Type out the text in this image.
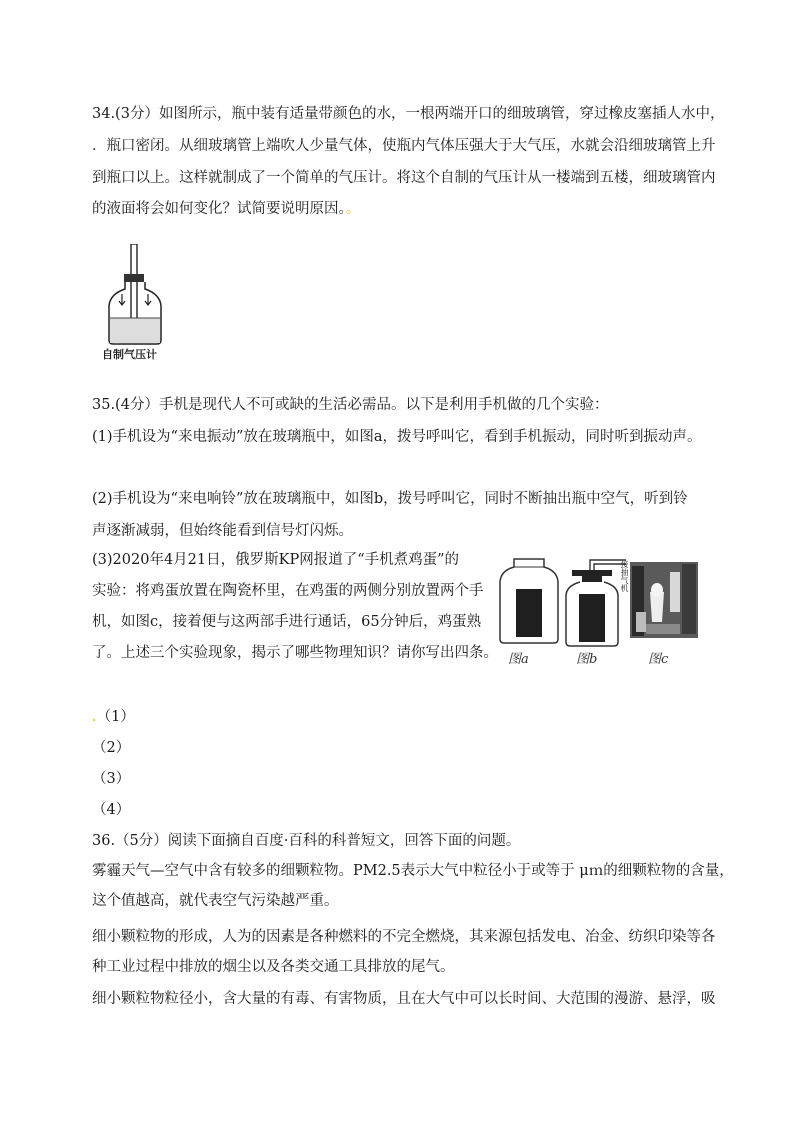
34.(3分）如图所示，瓶中装有适量带颜色的水，一根两端开口的细玻璃管，穿过橡皮塞插人水中，
．瓶口密闭。从细玻璃管上端吹人少量气体，使瓶内气体压强大于大气压，水就会沿细玻璃管上升
到瓶口以上。这样就制成了一个简单的气压计。将这个自制的气压计从一楼端到五楼，细玻璃管内
的液面将会如何变化？试简要说明原因。。
自制气压计
35.(4分）手机是现代人不可或缺的生活必需品。以下是利用手机做的几个实验：
(1)手机设为“来电振动”放在玻璃瓶中，如图a，拨号呼叫它，看到手机振动，同时听到振动声。
(2)手机设为“来电响铃”放在玻璃瓶中，如图b，拨号呼叫它，同时不断抽出瓶中空气，听到铃
声逐渐减弱，但始终能看到信号灯闪烁。
(3)2020年4月21日，俄罗斯KP网报道了“手机煮鸡蛋”的
实验：将鸡蛋放置在陶瓷杯里，在鸡蛋的两侧分别放置两个手
机，如图c，接着便与这两部手进行通话，65分钟后，鸡蛋熟
了。上述三个实验现象，揭示了哪些物理知识？请你写出四条。 图a
接抽气机
图b	图c
.（1）
（2）
（3）
（4）
36.（5分）阅读下面摘自百度·百科的科普短文，回答下面的问题。
雾霾天气—空气中含有较多的细颗粒物。PM2.5表示大气中粒径小于或等于 μｍ的细颗粒物的含量，
这个值越高，就代表空气污染越严重。
细小颗粒物的形成，人为的因素是各种燃料的不完全燃烧，其来源包括发电、冶金、纺织印染等各
种工业过程中排放的烟尘以及各类交通工具排放的尾气。
细小颗粒物粒径小，含大量的有毒、有害物质，且在大气中可以长时间、大范围的漫游、悬浮，吸
